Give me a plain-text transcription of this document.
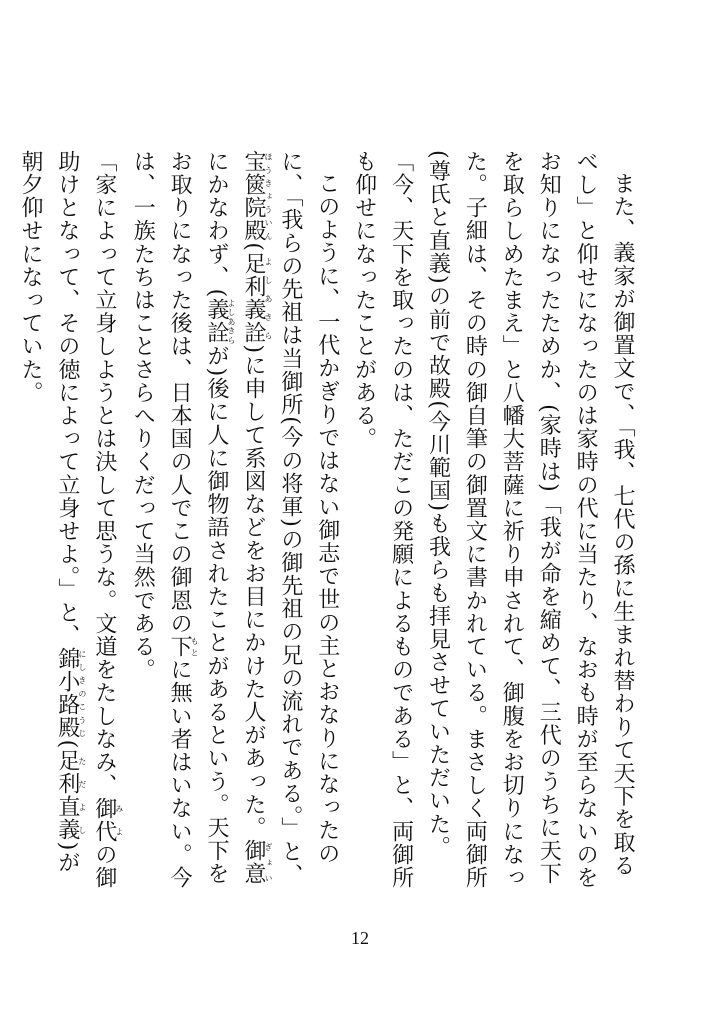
また、義家が御置文で、「我、七代の孫に生まれ替わりて天下を取るべし」と仰せになったのは家時の代に当たり、なおも時が至らないのをお知りになったためか、(家時は)「我が命を縮めて、三代のうちに天下を取らしめたまえ」と八幡大菩薩に祈り申されて、御腹をお切りになった。子細は、その時の御自筆の御置文に書かれている。まさしく両御所(尊氏と直義)の前で故殿(今川範国)も我らも拝見させていただいた。「今、天下を取ったのは、ただこの発願によるものである」と、両御所も仰せになったことがある。

このように、一代かぎりではない御志で世の主とおなりになったのに、「我らの先祖は当御所(今の将軍)の御先祖の兄の流れである。」と、宝篋院殿ほうきょういん(足利義詮よしあきら)に申して系図などをお目にかけた人があった。御意ぎょいにかなわず、(義詮よしあきらが)後に人に御物語されたことがあるという。天下をお取りになった後は、日本国の人でこの御恩の下もとに無い者はいない。今は、一族たちはことさらへりくだって当然である。

「家によって立身しようとは決して思うな。文道をたしなみ、御代みよの御助けとなって、その徳によって立身せよ。」と、錦小路殿にしきのこうじ(足利直義ただよし)が朝夕仰せになっていた。

12
